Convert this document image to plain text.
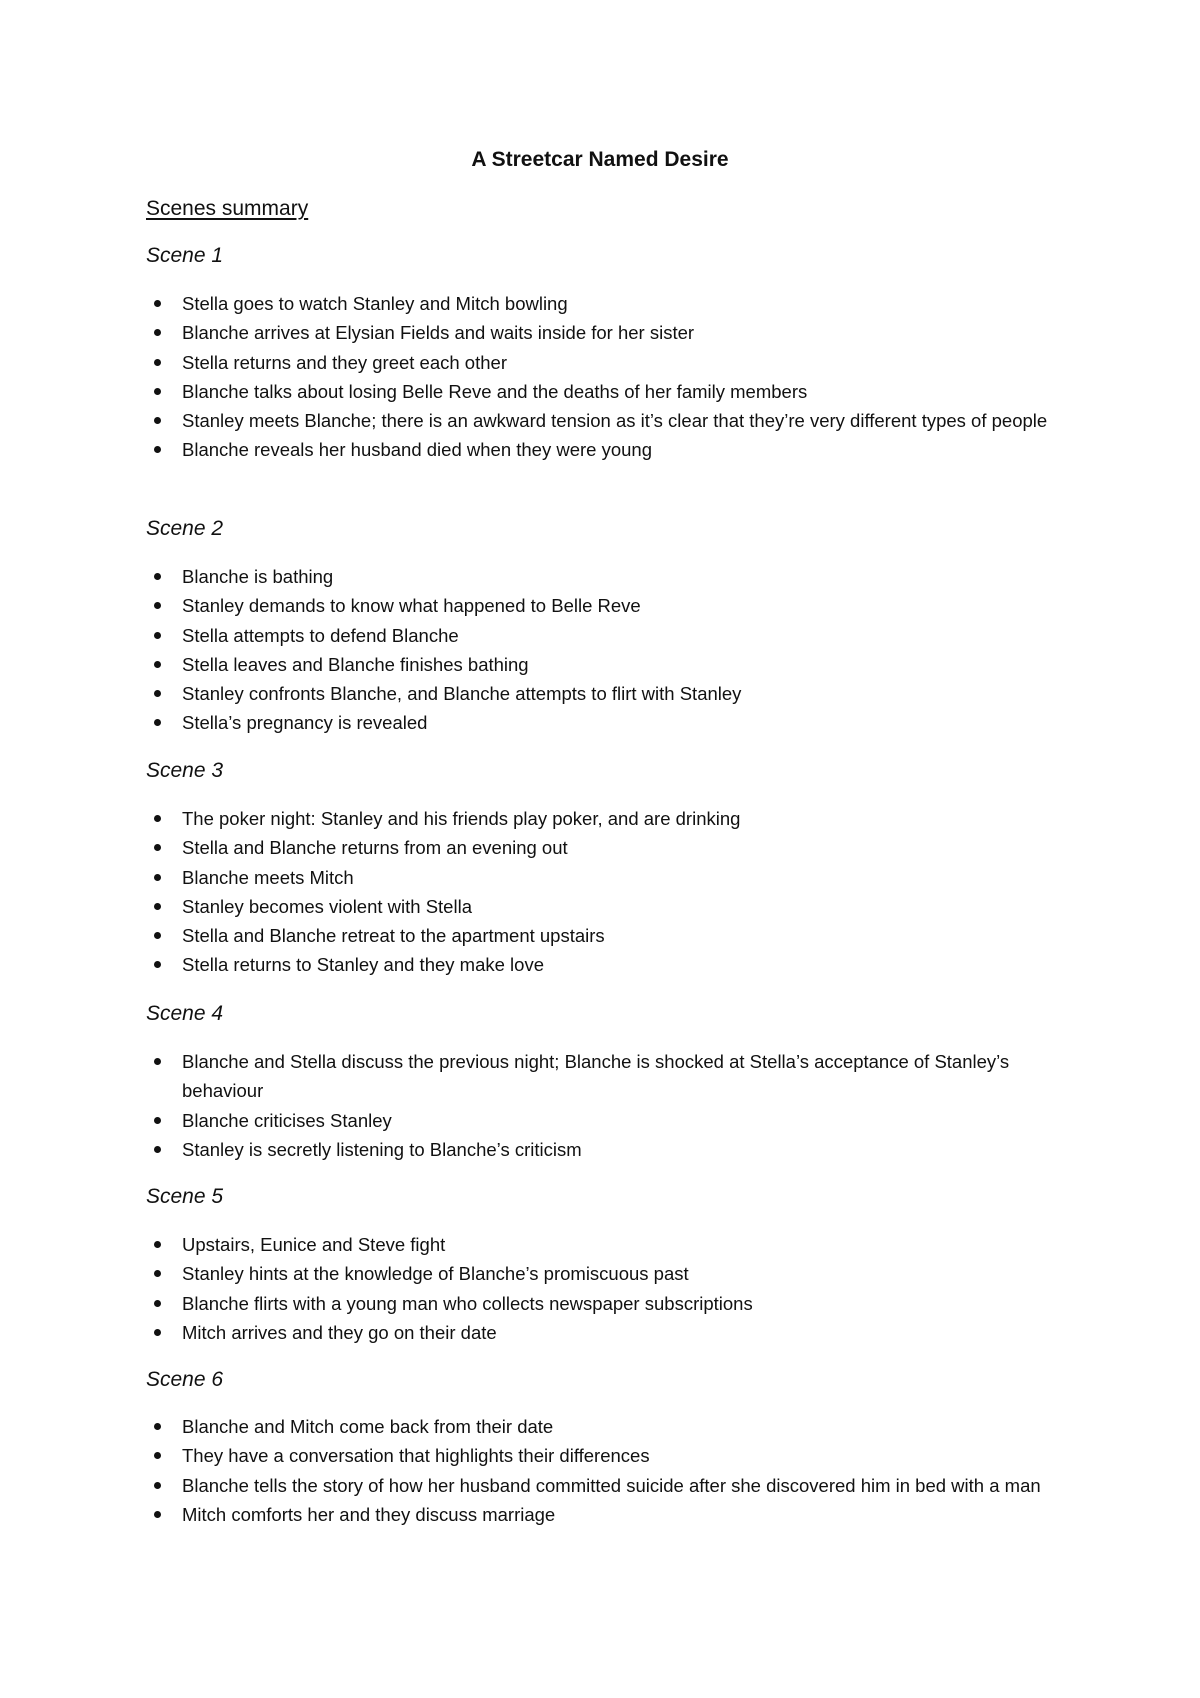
A Streetcar Named Desire
Scenes summary
Scene 1
Stella goes to watch Stanley and Mitch bowling
Blanche arrives at Elysian Fields and waits inside for her sister
Stella returns and they greet each other
Blanche talks about losing Belle Reve and the deaths of her family members
Stanley meets Blanche; there is an awkward tension as it’s clear that they’re very different types of people
Blanche reveals her husband died when they were young
Scene 2
Blanche is bathing
Stanley demands to know what happened to Belle Reve
Stella attempts to defend Blanche
Stella leaves and Blanche finishes bathing
Stanley confronts Blanche, and Blanche attempts to flirt with Stanley
Stella’s pregnancy is revealed
Scene 3
The poker night: Stanley and his friends play poker, and are drinking
Stella and Blanche returns from an evening out
Blanche meets Mitch
Stanley becomes violent with Stella
Stella and Blanche retreat to the apartment upstairs
Stella returns to Stanley and they make love
Scene 4
Blanche and Stella discuss the previous night; Blanche is shocked at Stella’s acceptance of Stanley’s behaviour
Blanche criticises Stanley
Stanley is secretly listening to Blanche’s criticism
Scene 5
Upstairs, Eunice and Steve fight
Stanley hints at the knowledge of Blanche’s promiscuous past
Blanche flirts with a young man who collects newspaper subscriptions
Mitch arrives and they go on their date
Scene 6
Blanche and Mitch come back from their date
They have a conversation that highlights their differences
Blanche tells the story of how her husband committed suicide after she discovered him in bed with a man
Mitch comforts her and they discuss marriage
